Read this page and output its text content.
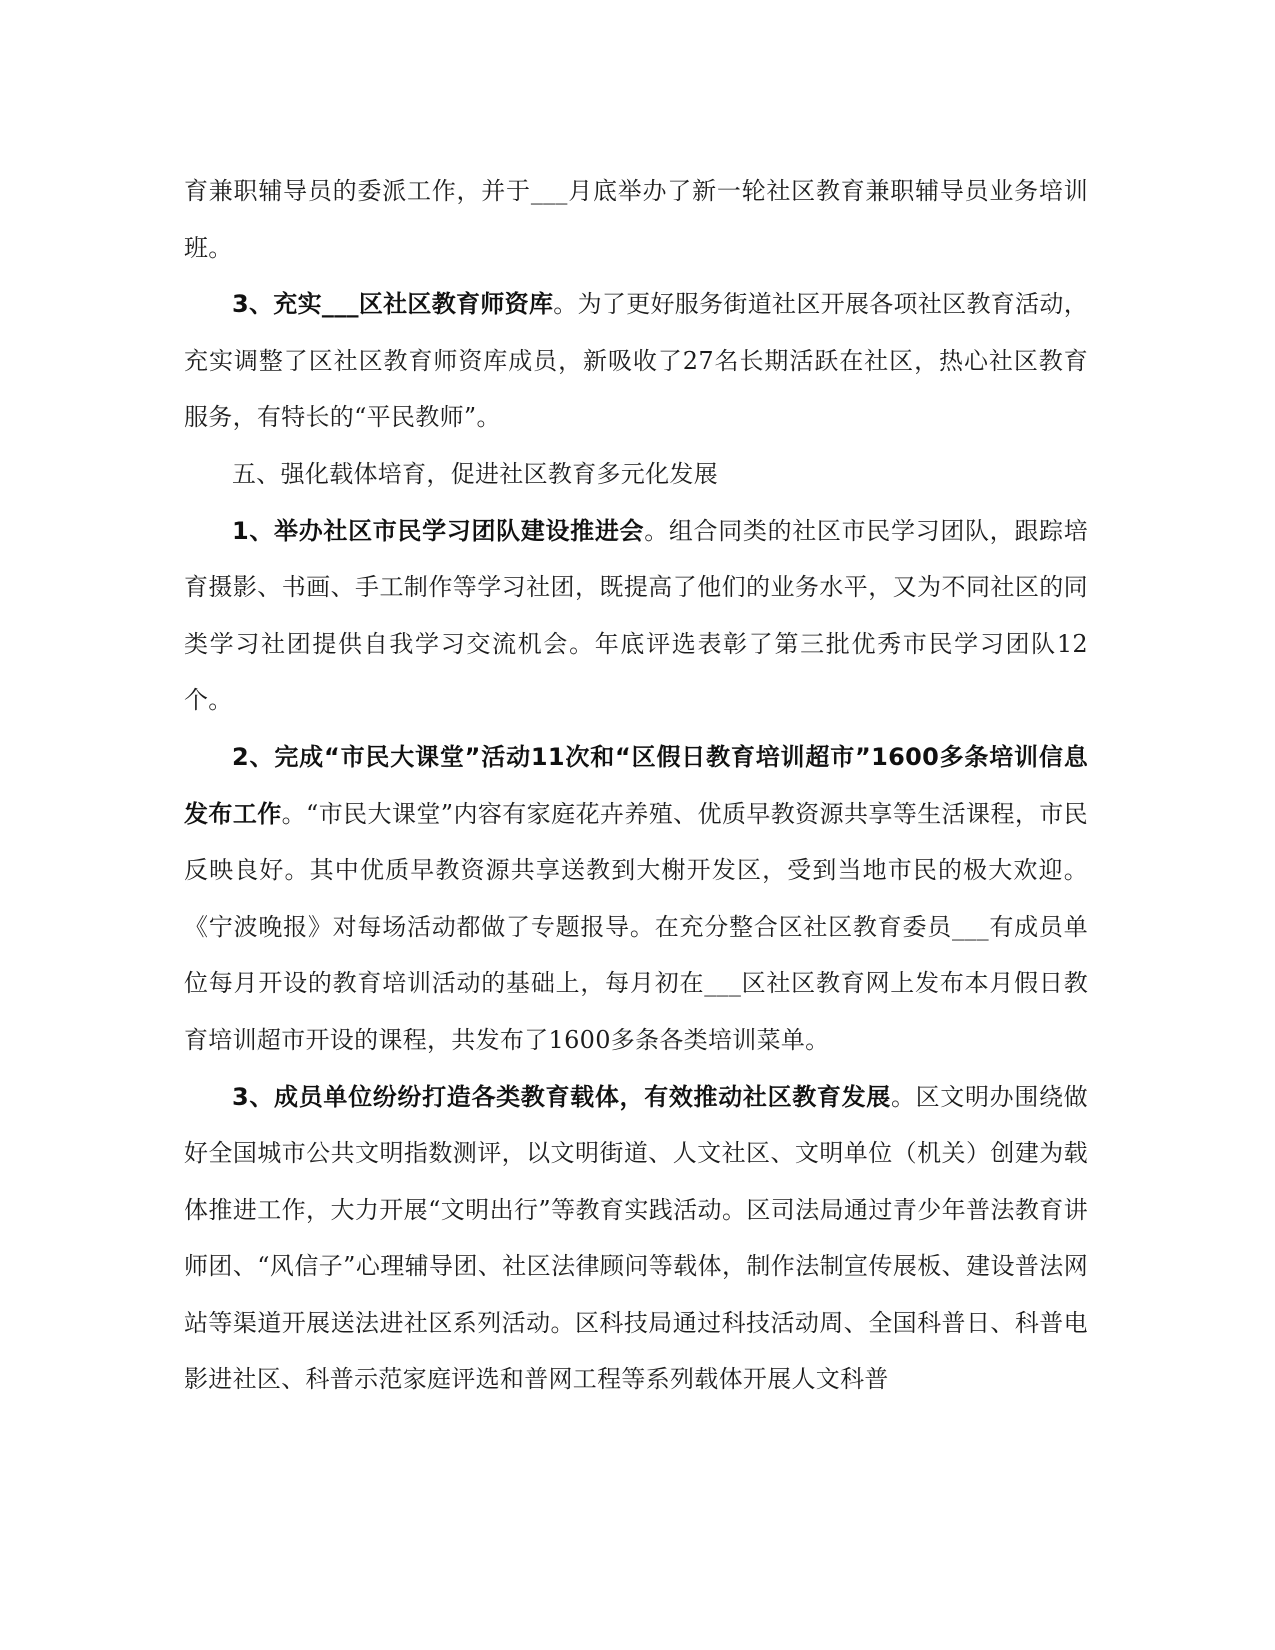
育兼职辅导员的委派工作，并于___月底举办了新一轮社区教育兼职辅导员业务培训班。

3、充实___区社区教育师资库。为了更好服务街道社区开展各项社区教育活动，充实调整了区社区教育师资库成员，新吸收了27名长期活跃在社区，热心社区教育服务，有特长的“平民教师”。

五、强化载体培育，促进社区教育多元化发展

1、举办社区市民学习团队建设推进会。组合同类的社区市民学习团队，跟踪培育摄影、书画、手工制作等学习社团，既提高了他们的业务水平，又为不同社区的同类学习社团提供自我学习交流机会。年底评选表彰了第三批优秀市民学习团队12个。

2、完成“市民大课堂”活动11次和“区假日教育培训超市”1600多条培训信息发布工作。“市民大课堂”内容有家庭花卉养殖、优质早教资源共享等生活课程，市民反映良好。其中优质早教资源共享送教到大榭开发区，受到当地市民的极大欢迎。《宁波晚报》对每场活动都做了专题报导。在充分整合区社区教育委员___有成员单位每月开设的教育培训活动的基础上，每月初在___区社区教育网上发布本月假日教育培训超市开设的课程，共发布了1600多条各类培训菜单。

3、成员单位纷纷打造各类教育载体，有效推动社区教育发展。区文明办围绕做好全国城市公共文明指数测评，以文明街道、人文社区、文明单位（机关）创建为载体推进工作，大力开展“文明出行”等教育实践活动。区司法局通过青少年普法教育讲师团、“风信子”心理辅导团、社区法律顾问等载体，制作法制宣传展板、建设普法网站等渠道开展送法进社区系列活动。区科技局通过科技活动周、全国科普日、科普电影进社区、科普示范家庭评选和普网工程等系列载体开展人文科普
